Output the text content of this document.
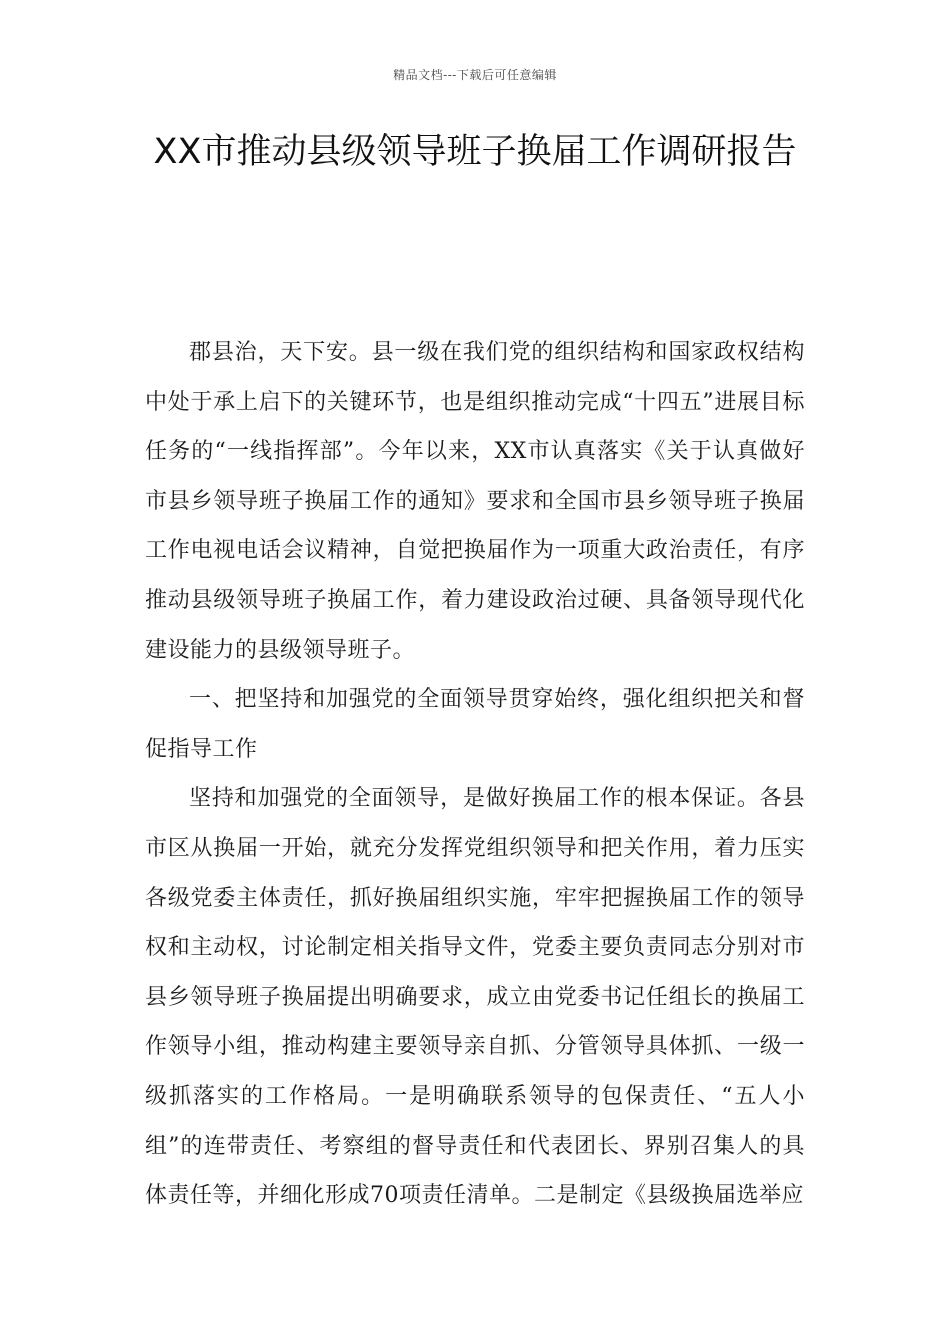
精品文档---下载后可任意编辑
XX市推动县级领导班子换届工作调研报告

郡县治，天下安。县一级在我们党的组织结构和国家政权结构中处于承上启下的关键环节，也是组织推动完成“十四五”进展目标任务的“一线指挥部”。今年以来，XX市认真落实《关于认真做好市县乡领导班子换届工作的通知》要求和全国市县乡领导班子换届工作电视电话会议精神，自觉把换届作为一项重大政治责任，有序推动县级领导班子换届工作，着力建设政治过硬、具备领导现代化建设能力的县级领导班子。

一、把坚持和加强党的全面领导贯穿始终，强化组织把关和督促指导工作

坚持和加强党的全面领导，是做好换届工作的根本保证。各县市区从换届一开始，就充分发挥党组织领导和把关作用，着力压实各级党委主体责任，抓好换届组织实施，牢牢把握换届工作的领导权和主动权，讨论制定相关指导文件，党委主要负责同志分别对市县乡领导班子换届提出明确要求，成立由党委书记任组长的换届工作领导小组，推动构建主要领导亲自抓、分管领导具体抓、一级一级抓落实的工作格局。一是明确联系领导的包保责任、“五人小组”的连带责任、考察组的督导责任和代表团长、界别召集人的具体责任等，并细化形成70项责任清单。二是制定《县级换届选举应
